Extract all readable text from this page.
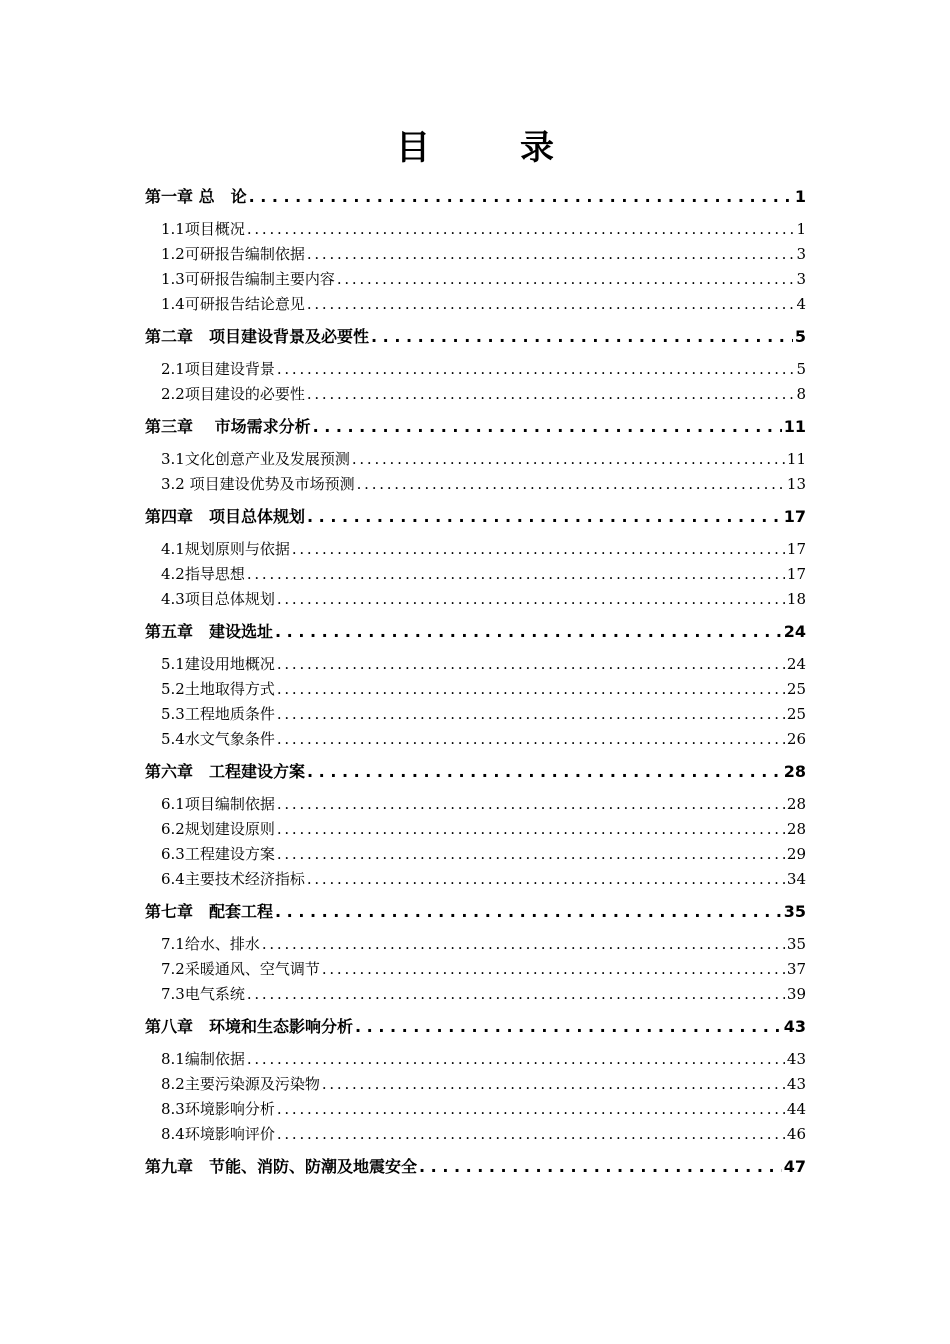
目　录
第一章 总　论 . . .	1
1.1项目概况 . . .	1
1.2可研报告编制依据 . . .	3
1.3可研报告编制主要内容 . . .	3
1.4可研报告结论意见 . . .	4
第二章　项目建设背景及必要性 . . .	5
2.1项目建设背景 . . .	5
2.2项目建设的必要性 . . .	8
第三章　 市场需求分析 . . .	11
3.1文化创意产业及发展预测 . . .	11
3.2 项目建设优势及市场预测 . . .	13
第四章　项目总体规划 . . .	17
4.1规划原则与依据 . . .	17
4.2指导思想 . . .	17
4.3项目总体规划 . . .	18
第五章　建设选址 . . .	24
5.1建设用地概况 . . .	24
5.2土地取得方式 . . .	25
5.3工程地质条件 . . .	25
5.4水文气象条件 . . .	26
第六章　工程建设方案 . . .	28
6.1项目编制依据 . . .	28
6.2规划建设原则 . . .	28
6.3工程建设方案 . . .	29
6.4主要技术经济指标 . . .	34
第七章　配套工程 . . .	35
7.1给水、排水 . . .	35
7.2采暖通风、空气调节 . . .	37
7.3电气系统 . . .	39
第八章　环境和生态影响分析 . . .	43
8.1编制依据 . . .	43
8.2主要污染源及污染物 . . .	43
8.3环境影响分析 . . .	44
8.4环境影响评价 . . .	46
第九章　节能、消防、防潮及地震安全 . . .	47
